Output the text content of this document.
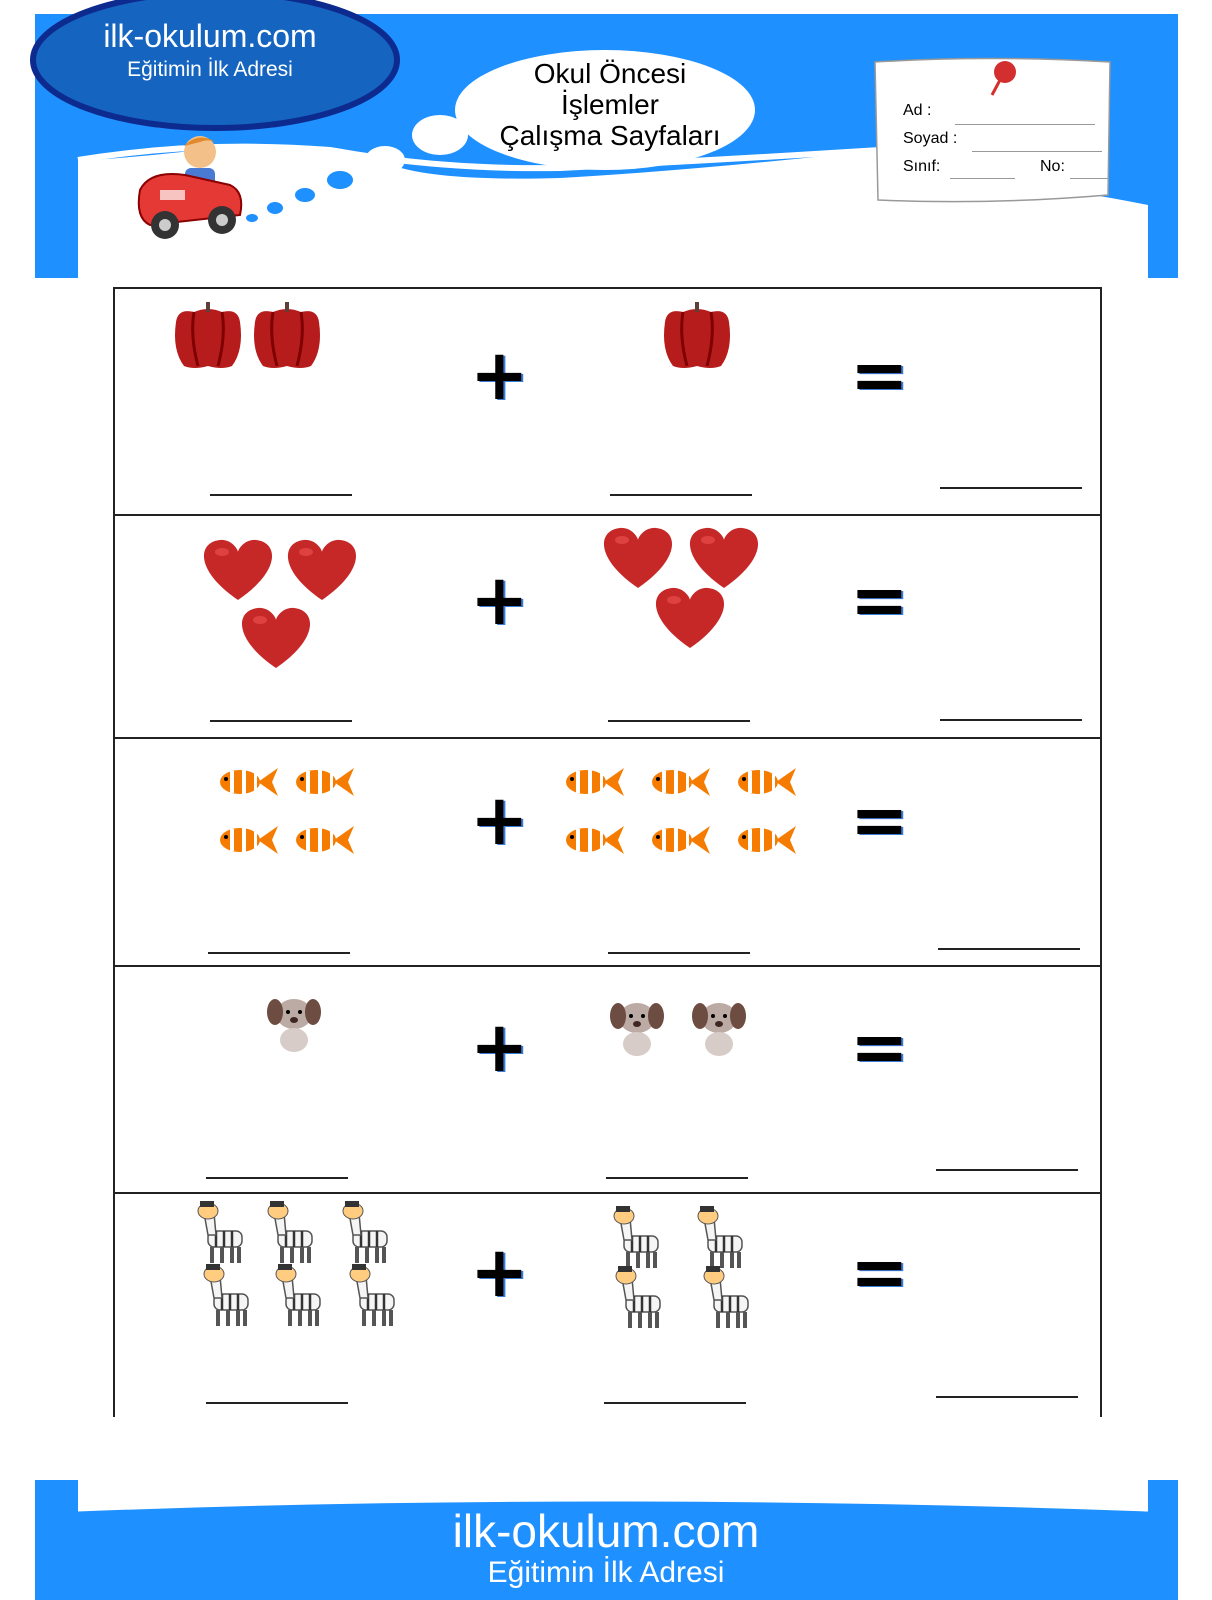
ilk-okulum.com
Eğitimin İlk Adresi	Okul Öncesi
İşlemler
Çalışma Sayfaları
Ad :
Soyad :
Sınıf:	No:
+	=
+	=
+	=
+	=
+	=
ilk-okulum.com
Eğitimin İlk Adresi
